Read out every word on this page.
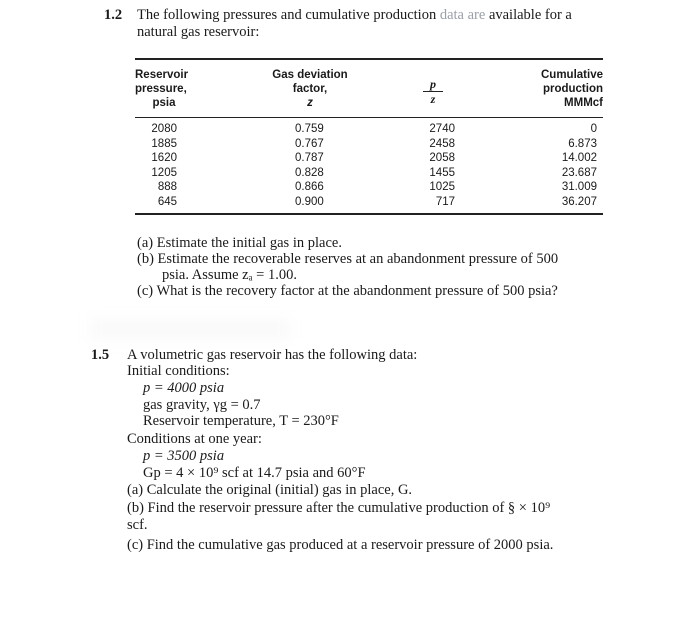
1.2 The following pressures and cumulative production data are available for a
natural gas reservoir:
Reservoir
pressure,
psia
Gas deviation
factor,
z	$\frac{p}{z}$
Cumulative
production
MMMcf
2080
1885
1620
1205
888
645
0.759
0.767
0.787
0.828
0.866
0.900
2740
2458
2058
1455
1025
717
0
6.873
14.002
23.687
31.009
36.207
(a) Estimate the initial gas in place.
(b) Estimate the recoverable reserves at an abandonment pressure of 500
psia. Assume zₐ = 1.00.
(c) What is the recovery factor at the abandonment pressure of 500 psia?
1.5 A volumetric gas reservoir has the following data:
Initial conditions:
p = 4000 psia
gas gravity, γg = 0.7
Reservoir temperature, T = 230°F
Conditions at one year:
p = 3500 psia
Gp = 4 × 10⁹ scf at 14.7 psia and 60°F
(a) Calculate the original (initial) gas in place, G.
(b) Find the reservoir pressure after the cumulative production of § × 10⁹
scf.
(c) Find the cumulative gas produced at a reservoir pressure of 2000 psia.
